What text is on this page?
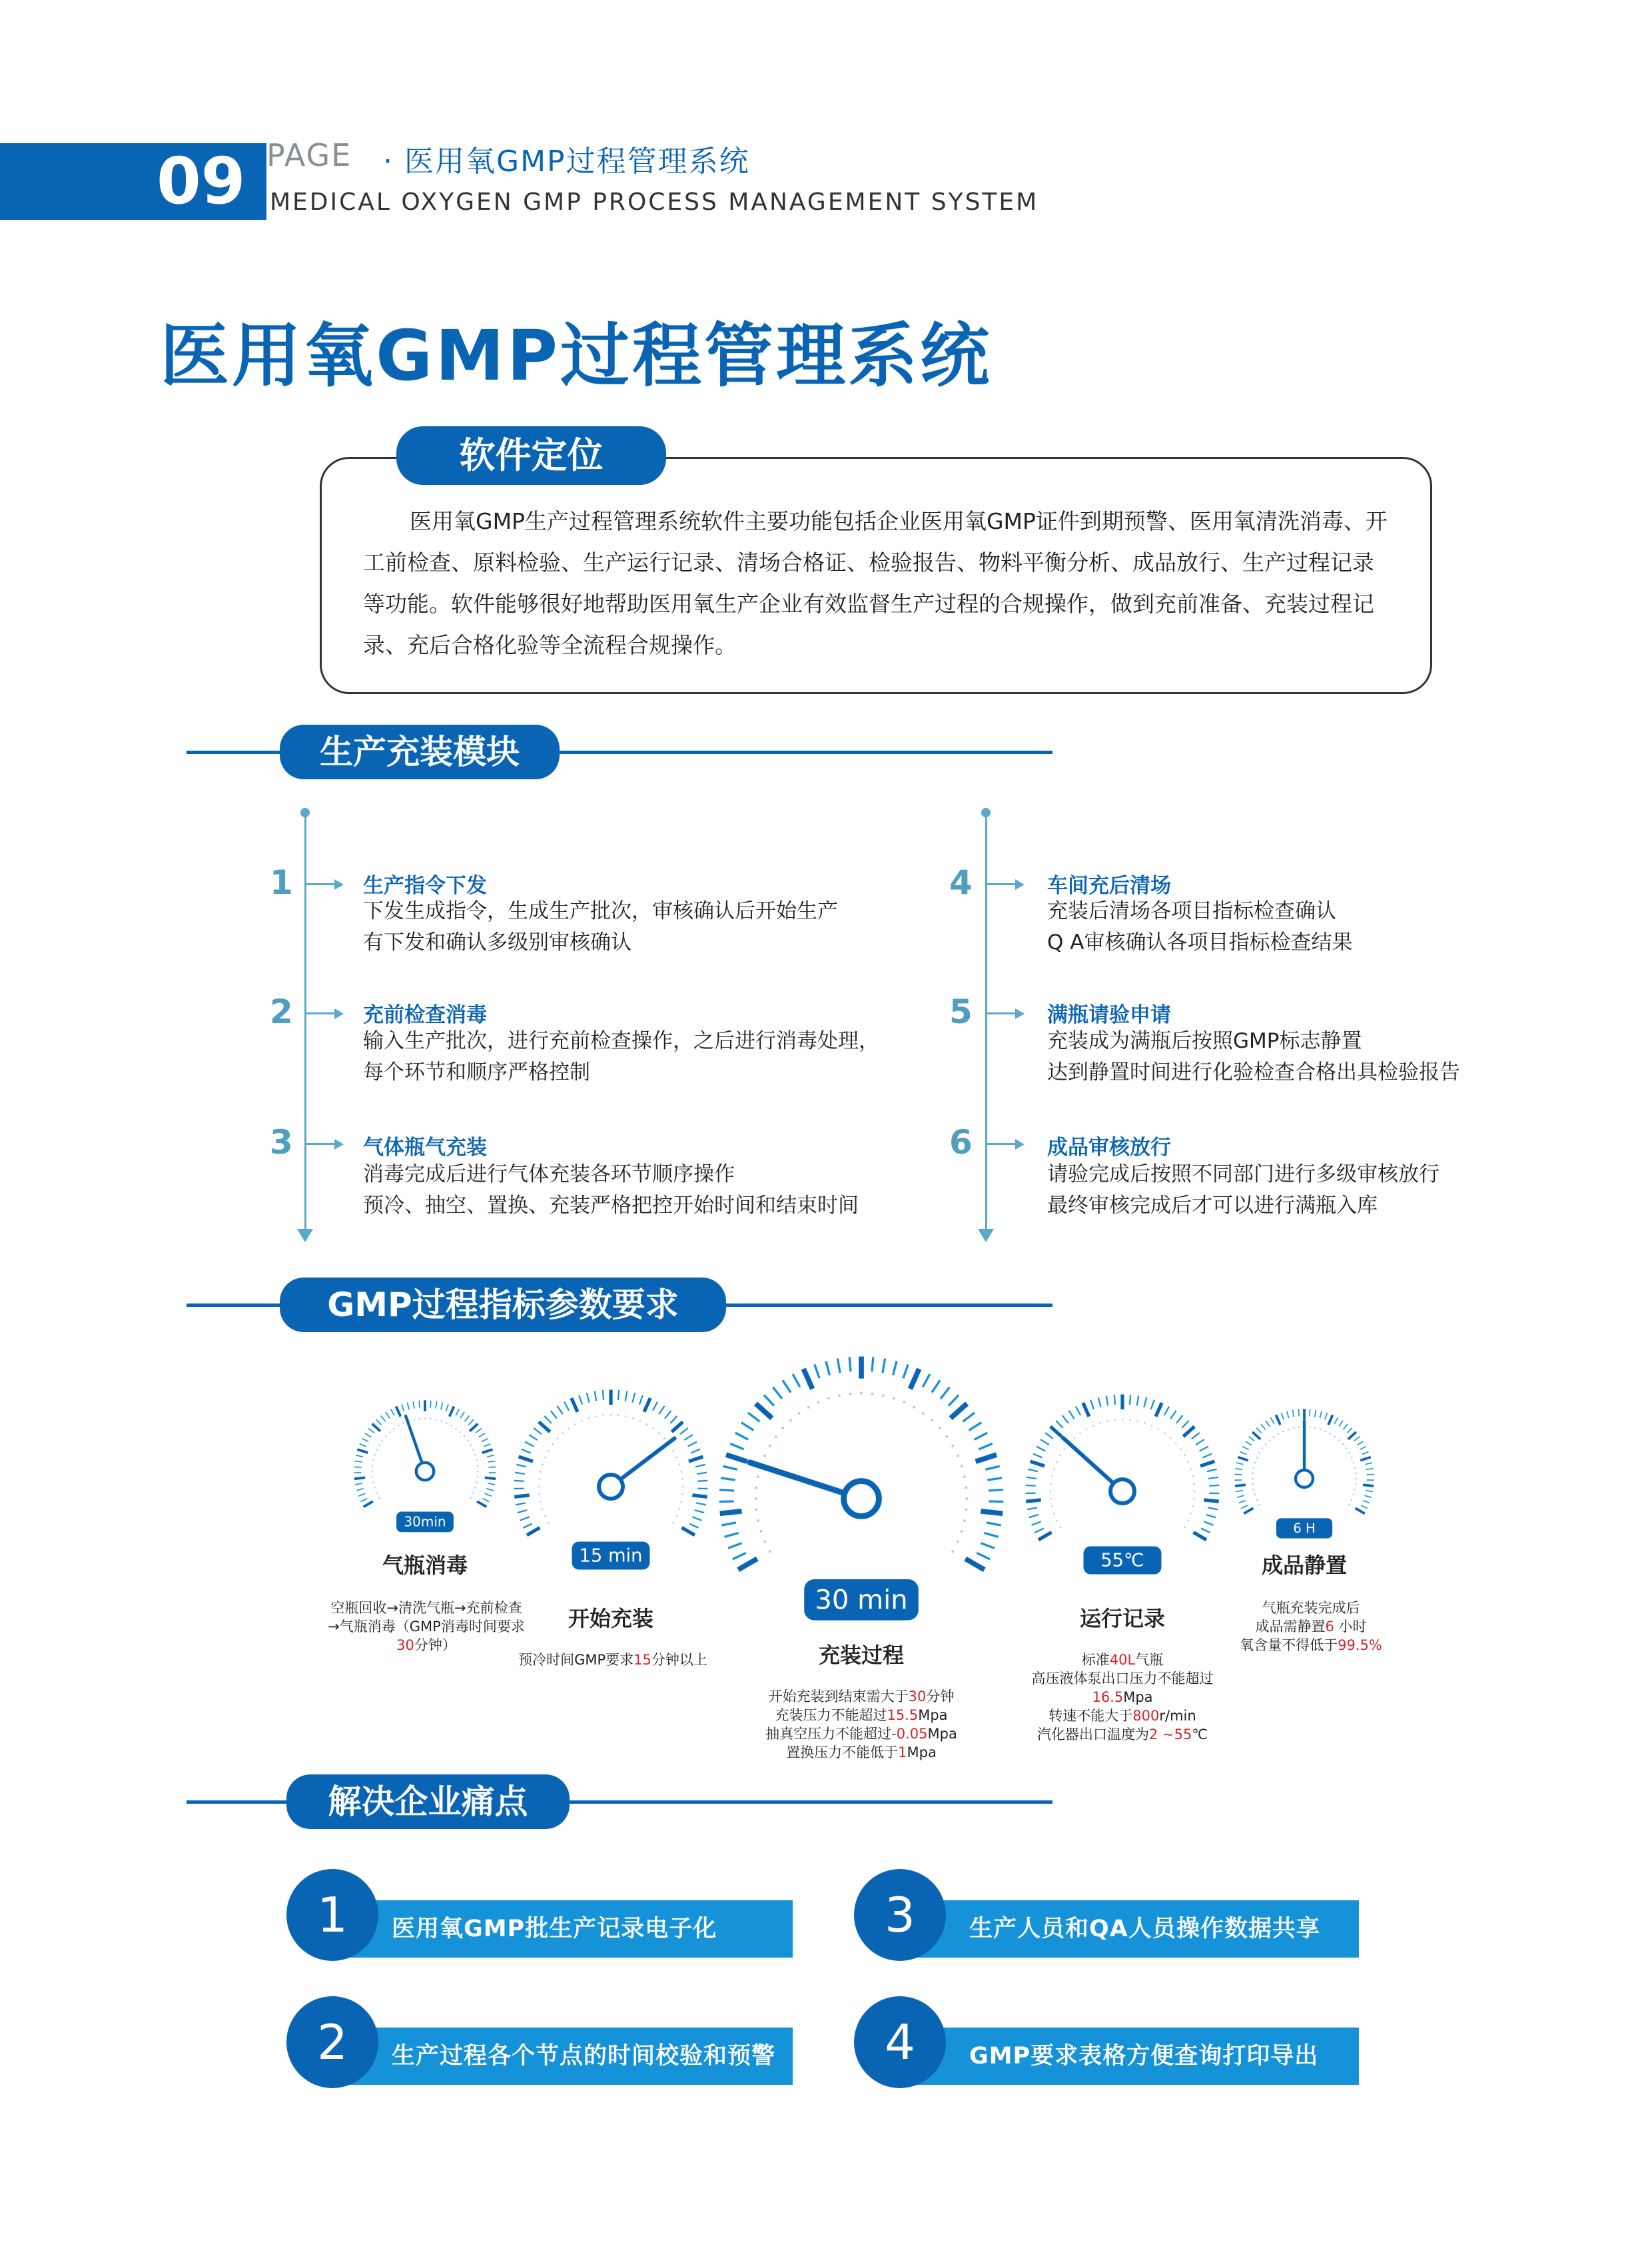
09 PAGE · 医用氧GMP过程管理系统
MEDICAL OXYGEN GMP PROCESS MANAGEMENT SYSTEM
医用氧GMP过程管理系统
软件定位
医用氧GMP生产过程管理系统软件主要功能包括企业医用氧GMP证件到期预警、医用氧清洗消毒、开工前检查、原料检验、生产运行记录、清场合格证、检验报告、物料平衡分析、成品放行、生产过程记录等功能。软件能够很好地帮助医用氧生产企业有效监督生产过程的合规操作，做到充前准备、充装过程记录、充后合格化验等全流程合规操作。
生产充装模块
1	生产指令下发
下发生成指令，生成生产批次，审核确认后开始生产
有下发和确认多级别审核确认
2	充前检查消毒
输入生产批次，进行充前检查操作，之后进行消毒处理，
每个环节和顺序严格控制
3	气体瓶气充装
消毒完成后进行气体充装各环节顺序操作
预冷、抽空、置换、充装严格把控开始时间和结束时间
4	车间充后清场
充装后清场各项目指标检查确认
Q A审核确认各项目指标检查结果
5	满瓶请验申请
充装成为满瓶后按照GMP标志静置
达到静置时间进行化验检查合格出具检验报告
6	成品审核放行
请验完成后按照不同部门进行多级审核放行
最终审核完成后才可以进行满瓶入库
GMP过程指标参数要求
30min
15 min
30 min
55℃
6 H
气瓶消毒
开始充装
充装过程
运行记录
成品静置
空瓶回收→清洗气瓶→充前检查
→气瓶消毒（GMP消毒时间要求
30分钟）
预冷时间GMP要求15分钟以上
开始充装到结束需大于30分钟
充装压力不能超过15.5Mpa
抽真空压力不能超过-0.05Mpa
置换压力不能低于1Mpa
标准40L气瓶
高压液体泵出口压力不能超过
16.5Mpa
转速不能大于800r/min
汽化器出口温度为2 ~55℃
气瓶充装完成后
成品需静置6 小时
氧含量不得低于99.5%
解决企业痛点
医用氧GMP批生产记录电子化
1
生产过程各个节点的时间校验和预警
2
生产人员和QA人员操作数据共享
3
GMP要求表格方便查询打印导出
4
